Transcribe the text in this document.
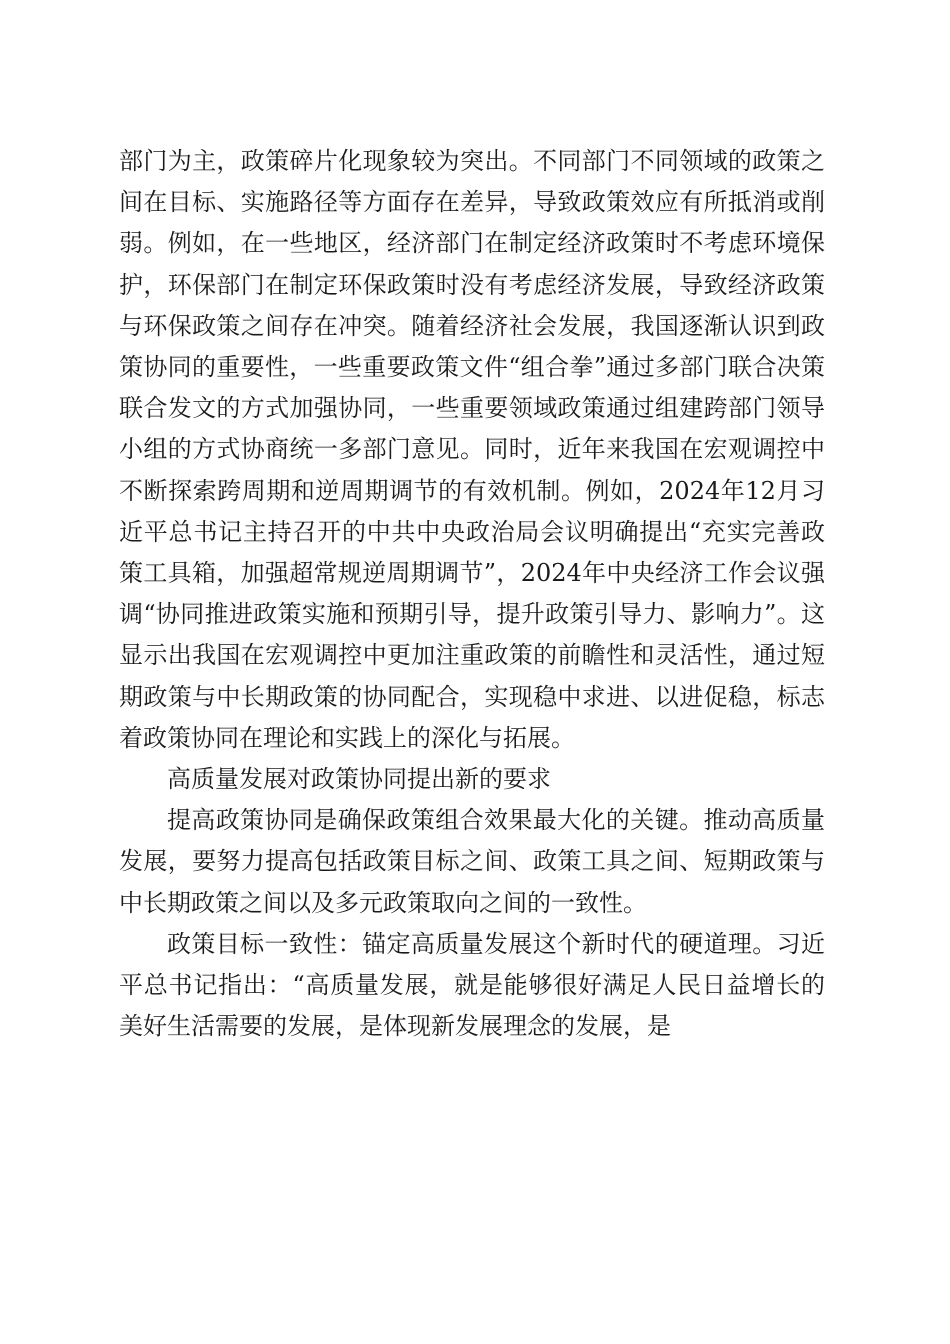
部门为主，政策碎片化现象较为突出。不同部门不同领域的政策之间在目标、实施路径等方面存在差异，导致政策效应有所抵消或削弱。例如，在一些地区，经济部门在制定经济政策时不考虑环境保护，环保部门在制定环保政策时没有考虑经济发展，导致经济政策与环保政策之间存在冲突。随着经济社会发展，我国逐渐认识到政策协同的重要性，一些重要政策文件“组合拳”通过多部门联合决策联合发文的方式加强协同，一些重要领域政策通过组建跨部门领导小组的方式协商统一多部门意见。同时，近年来我国在宏观调控中不断探索跨周期和逆周期调节的有效机制。例如，2024年12月习近平总书记主持召开的中共中央政治局会议明确提出“充实完善政策工具箱，加强超常规逆周期调节”，2024年中央经济工作会议强调“协同推进政策实施和预期引导，提升政策引导力、影响力”。这显示出我国在宏观调控中更加注重政策的前瞻性和灵活性，通过短期政策与中长期政策的协同配合，实现稳中求进、以进促稳，标志着政策协同在理论和实践上的深化与拓展。

高质量发展对政策协同提出新的要求

提高政策协同是确保政策组合效果最大化的关键。推动高质量发展，要努力提高包括政策目标之间、政策工具之间、短期政策与中长期政策之间以及多元政策取向之间的一致性。

政策目标一致性：锚定高质量发展这个新时代的硬道理。习近平总书记指出：“高质量发展，就是能够很好满足人民日益增长的美好生活需要的发展，是体现新发展理念的发展，是
